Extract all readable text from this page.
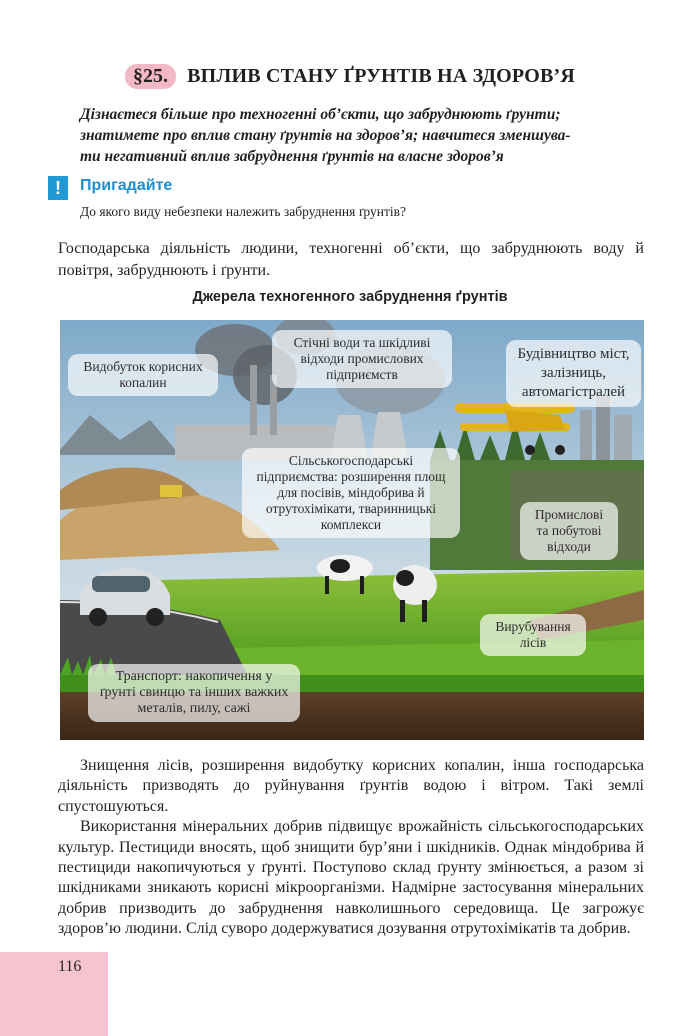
§25. ВПЛИВ СТАНУ ҐРУНТІВ НА ЗДОРОВ’Я
Дізнаєтеся більше про техногенні об’єкти, що забруднюють ґрунти;
знатимете про вплив стану ґрунтів на здоров’я; навчитеся зменшува-
ти негативний вплив забруднення ґрунтів на власне здоров’я
!	Пригадайте
До якого виду небезпеки належить забруднення ґрунтів?
Господарська діяльність людини, техногенні об’єкти, що забруднюють воду й повітря, забруднюють і ґрунти.
Джерела техногенного забруднення ґрунтів
Видобуток корисних копалин
Стічні води та шкідливі відходи промислових підприємств
Будівництво міст, залізниць, автомагістралей
Сільськогосподарські підприємства: розширення площ для посівів, міндобрива й отрутохімікати, тваринницькі комплекси
Промислові та побутові відходи
Вирубування лісів
Транспорт: накопичення у ґрунті свинцю та інших важких металів, пилу, сажі

Знищення лісів, розширення видобутку корисних копалин, інша господарська діяльність призводять до руйнування ґрунтів водою і вітром. Такі землі спустошуються.

Використання мінеральних добрив підвищує врожайність сільськогосподарських культур. Пестициди вносять, щоб знищити бур’яни і шкідників. Однак міндобрива й пестициди накопичуються у ґрунті. Поступово склад ґрунту змінюється, а разом зі шкідниками зникають корисні мікроорганізми. Надмірне застосування мінеральних добрив призводить до забруднення навколишнього середовища. Це загрожує здоров’ю людини. Слід суворо додержуватися дозування отрутохімікатів та добрив.

116
